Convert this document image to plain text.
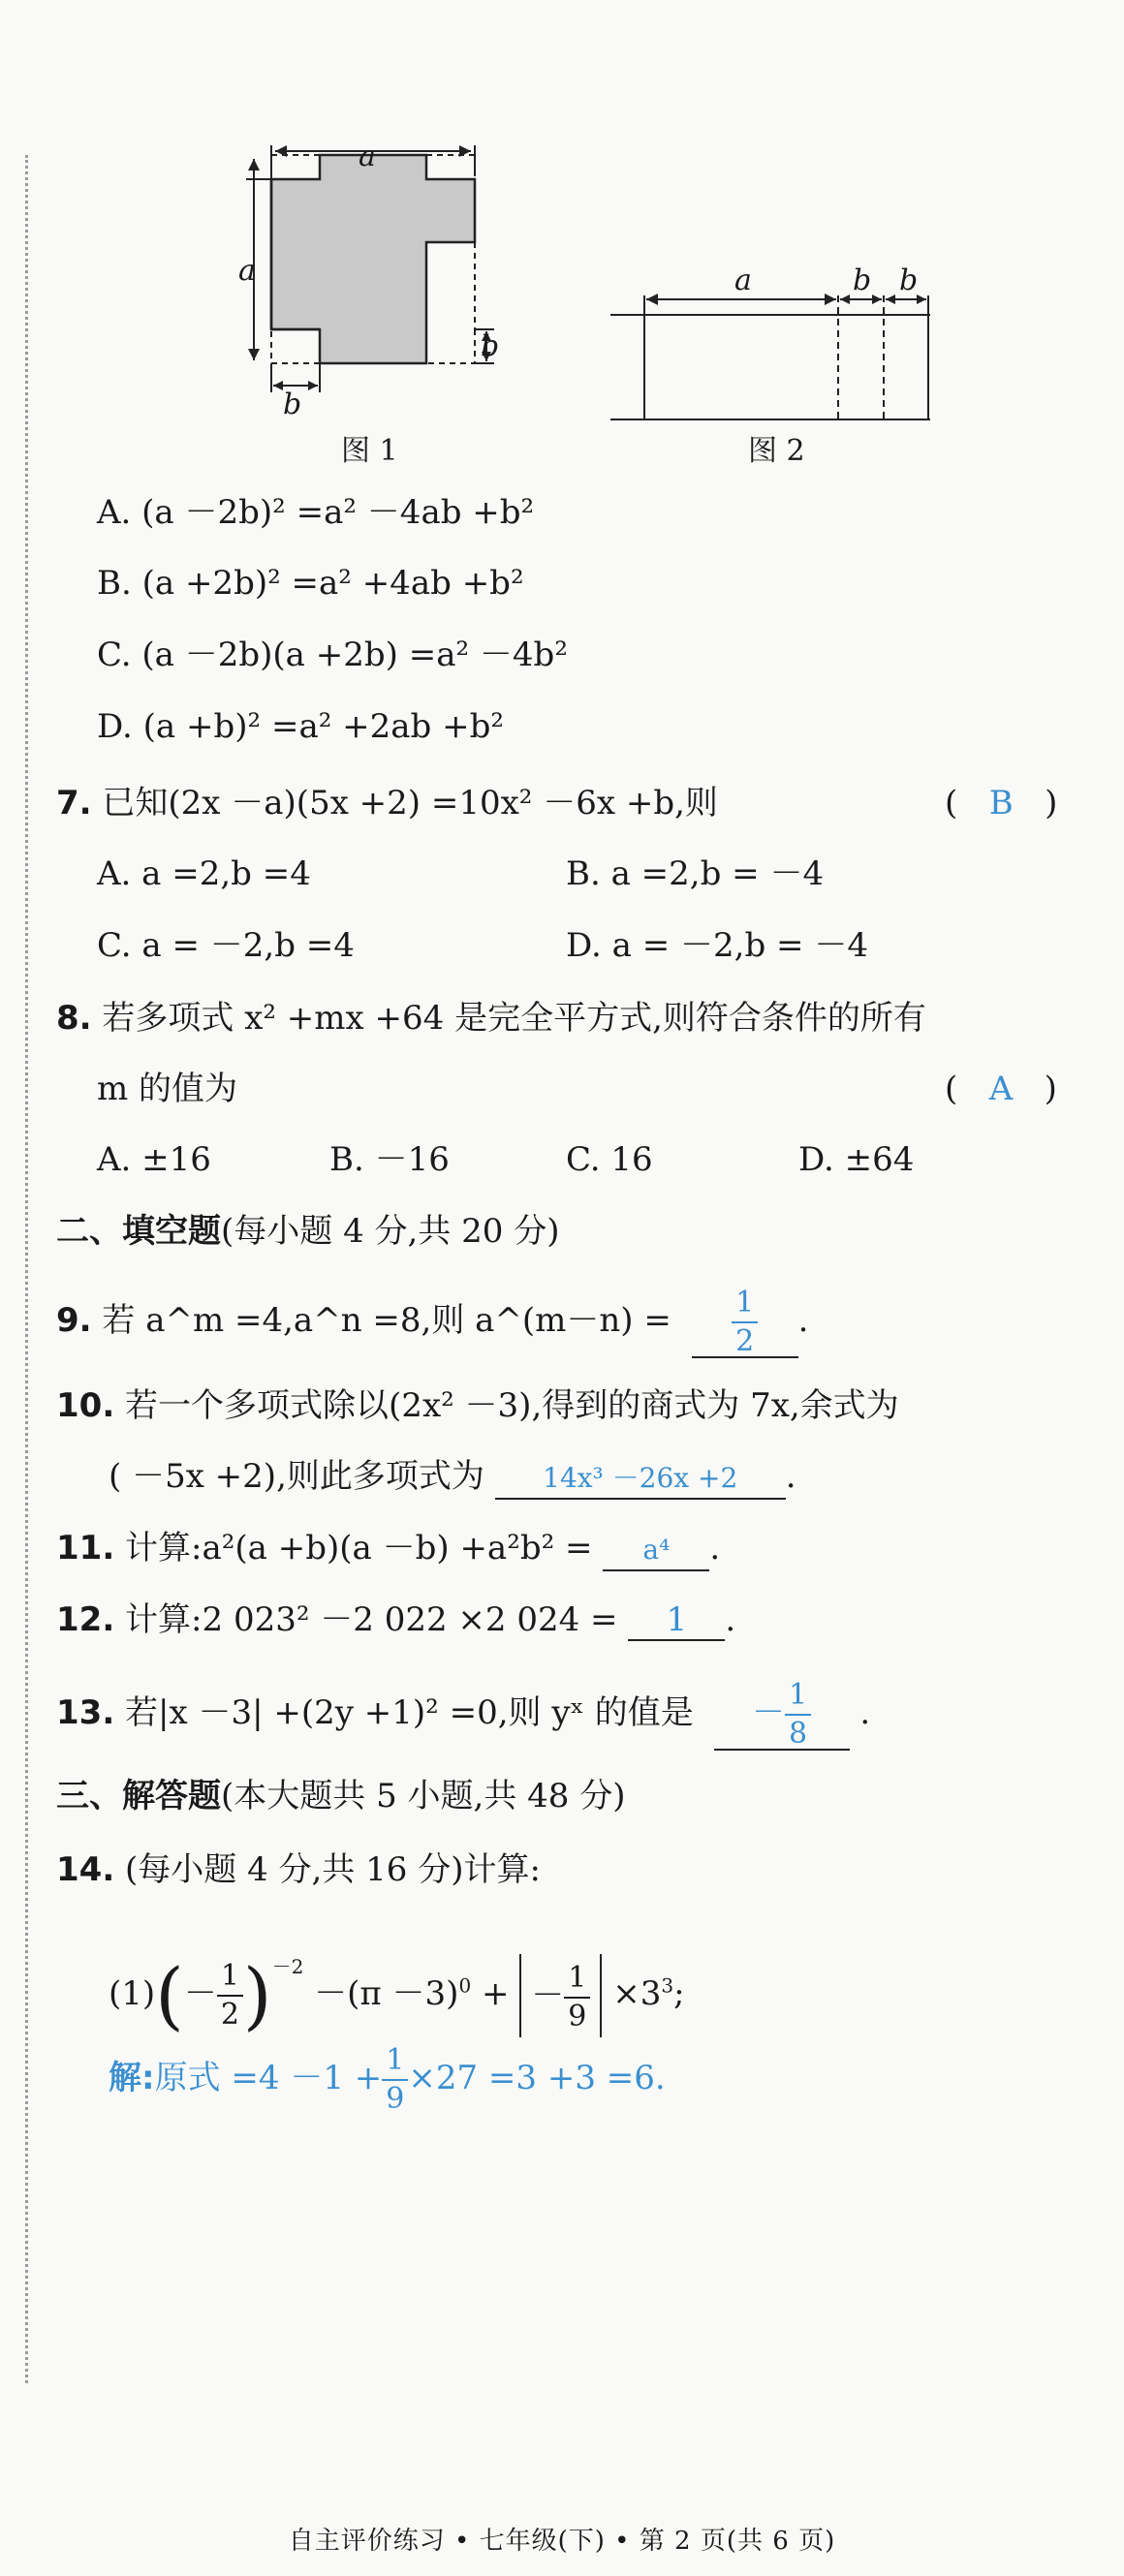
a
a
b
b
图 1
a	b b
图 2
A. (a －2b)² =a² －4ab +b²
B. (a +2b)² =a² +4ab +b²
C. (a －2b)(a +2b) =a² －4b²
D. (a +b)² =a² +2ab +b²
7. 已知(2x －a)(5x +2) =10x² －6x +b,则	(   B   )
A. a =2,b =4	B. a =2,b = －4
C. a = －2,b =4	D. a = －2,b = －4
8. 若多项式 x² +mx +64 是完全平方式,则符合条件的所有
m 的值为	(   A   )
A. ±16	B. －16	C. 16	D. ±64
二、填空题(每小题 4 分,共 20 分)
9. 若 a^m =4,a^n =8,则 a^(m－n) = $\frac{1}{2}$ .
10. 若一个多项式除以(2x² －3),得到的商式为 7x,余式为
( －5x +2),则此多项式为 14x³ －26x +2 .
11. 计算:a²(a +b)(a －b) +a²b² = a⁴ .
12. 计算:2 023² －2 022 ×2 024 = 1 .
13. 若|x －3| +(2y +1)² =0,则 yˣ 的值是 － $\frac{1}{8}$ .
三、解答题(本大题共 5 小题,共 48 分)
14. (每小题 4 分,共 16 分)计算:
$(1)(- \frac{1}{2} )^{-2} -(\pi -3)^0$ + － $\frac{1}{9} \times 3^3$;
解:原式 $=4 -1 + \frac{1}{9} \times 27 =3 +3 =6$.
自主评价练习 • 七年级(下) • 第 2 页(共 6 页)
